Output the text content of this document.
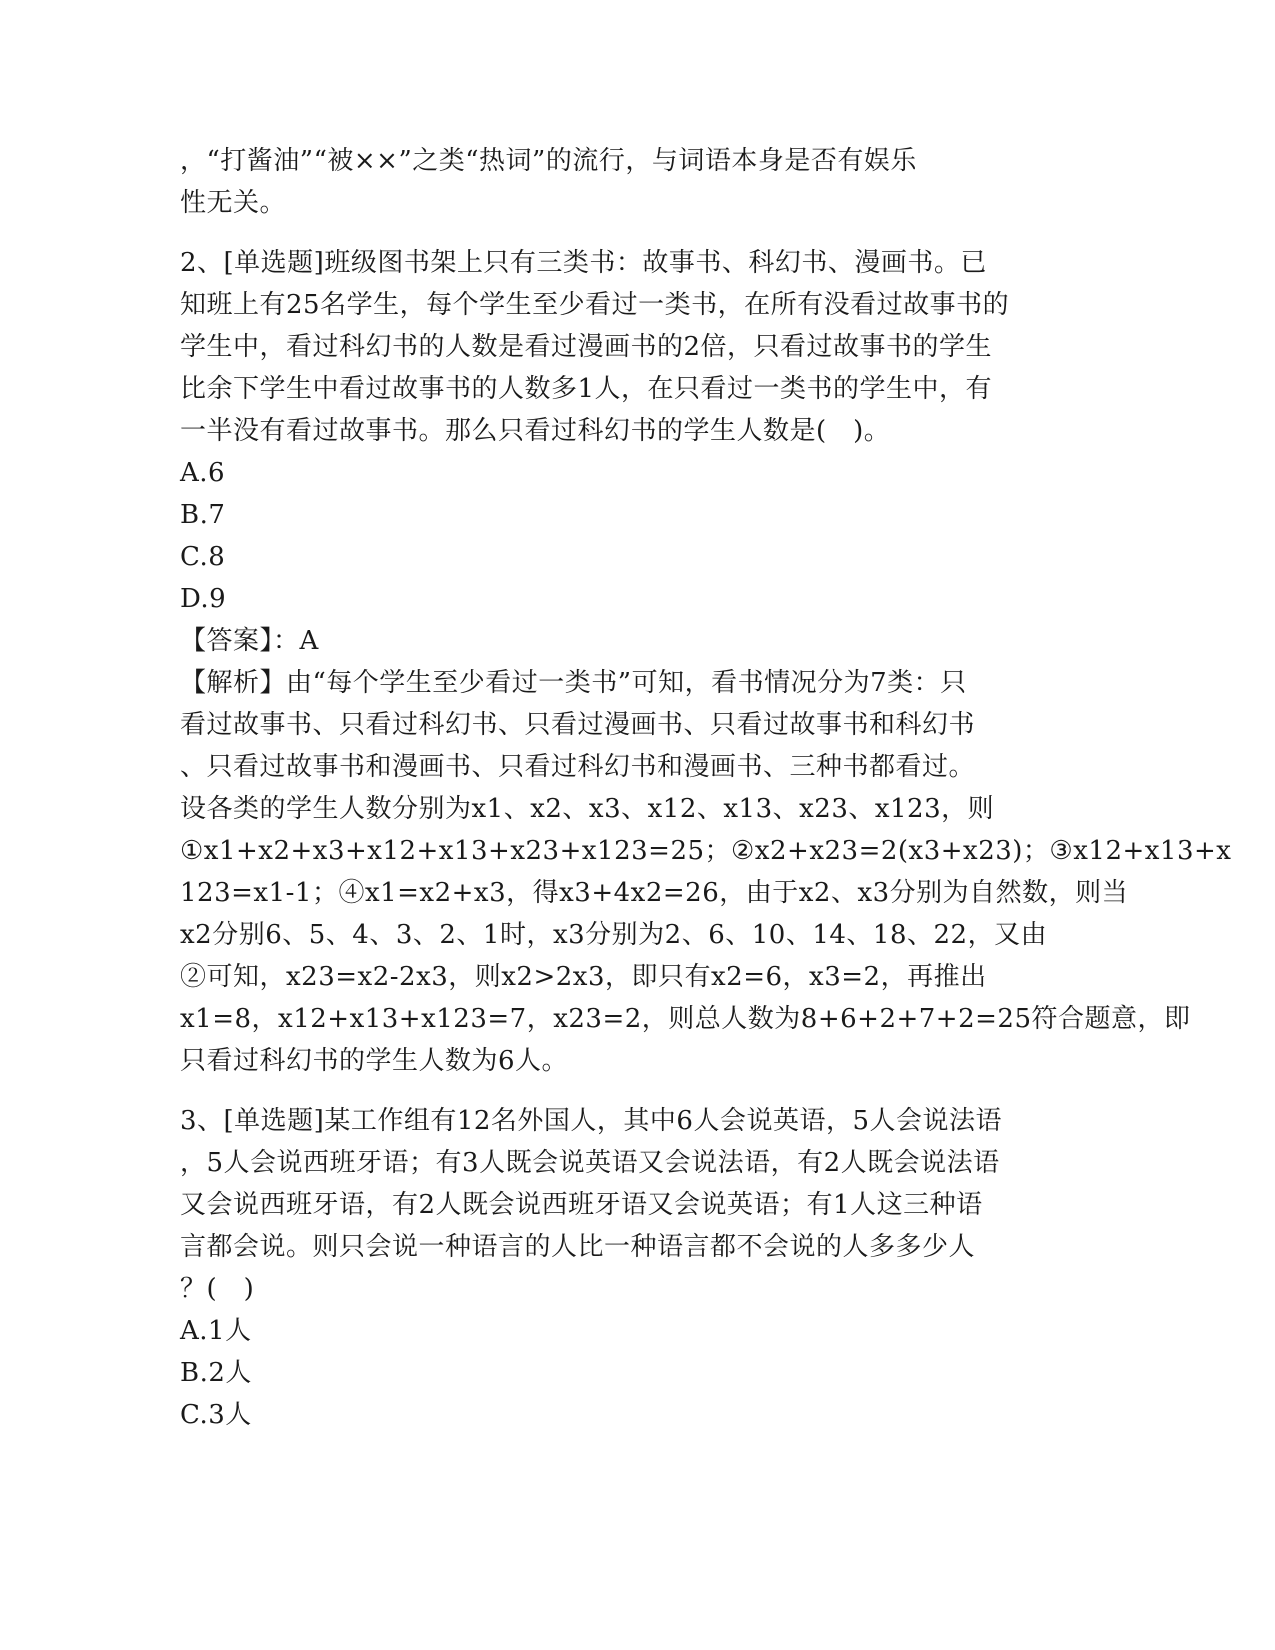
，“打酱油”“被××”之类“热词”的流行，与词语本身是否有娱乐
性无关。
2、[单选题]班级图书架上只有三类书：故事书、科幻书、漫画书。已
知班上有25名学生，每个学生至少看过一类书，在所有没看过故事书的
学生中，看过科幻书的人数是看过漫画书的2倍，只看过故事书的学生
比余下学生中看过故事书的人数多1人，在只看过一类书的学生中，有
一半没有看过故事书。那么只看过科幻书的学生人数是(　)。
A.6
B.7
C.8
D.9
【答案】：A
【解析】由“每个学生至少看过一类书”可知，看书情况分为7类：只
看过故事书、只看过科幻书、只看过漫画书、只看过故事书和科幻书
、只看过故事书和漫画书、只看过科幻书和漫画书、三种书都看过。
设各类的学生人数分别为x1、x2、x3、x12、x13、x23、x123，则
①x1+x2+x3+x12+x13+x23+x123=25；②x2+x23=2(x3+x23)；③x12+x13+x
123=x1-1；④x1=x2+x3，得x3+4x2=26，由于x2、x3分别为自然数，则当
x2分别6、5、4、3、2、1时，x3分别为2、6、10、14、18、22，又由
②可知，x23=x2-2x3，则x2>2x3，即只有x2=6，x3=2，再推出
x1=8，x12+x13+x123=7，x23=2，则总人数为8+6+2+7+2=25符合题意，即
只看过科幻书的学生人数为6人。
3、[单选题]某工作组有12名外国人，其中6人会说英语，5人会说法语
，5人会说西班牙语；有3人既会说英语又会说法语，有2人既会说法语
又会说西班牙语，有2人既会说西班牙语又会说英语；有1人这三种语
言都会说。则只会说一种语言的人比一种语言都不会说的人多多少人
？(　)
A.1人
B.2人
C.3人
